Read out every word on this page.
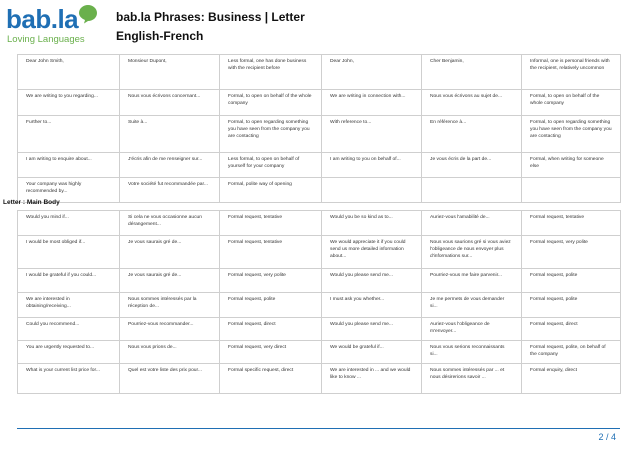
bab.la
Loving Languages
bab.la Phrases: Business | Letter
English-French
Dear John Smith,	Monsieur Dupont,	Less formal, one has done business with the recipient before	Dear John,	Cher Benjamin,	Informal, one is personal friends with the recipient, relatively uncommon
We are writing to you regarding...	Nous vous écrivons concernant...	Formal, to open on behalf of the whole company	We are writing in connection with...	Nous vous écrivons au sujet de...	Formal, to open on behalf of the whole company
Further to...	Suite à...	Formal, to open regarding something you have seen from the company you are contacting	With reference to...	En référence à...	Formal, to open regarding something you have seen from the company you are contacting
I am writing to enquire about...	J'écris afin de me renseigner sur...	Less formal, to open on behalf of yourself for your company	I am writing to you on behalf of...	Je vous écris de la part de...	Formal, when writing for someone else
Your company was highly recommended by...	Votre société fut recommandée par...	Formal, polite way of opening			
Letter : Main Body
Would you mind if...	Si cela ne vous occasionne aucun dérangement...	Formal request, tentative	Would you be so kind as to...	Auriez-vous l'amabilité de...	Formal request, tentative
I would be most obliged if...	Je vous saurais gré de...	Formal request, tentative	We would appreciate it if you could send us more detailed information about...	Nous vous saurions gré si vous aviez l'obligeance de nous envoyer plus d'informations sur...	Formal request, very polite
I would be grateful if you could...	Je vous saurais gré de...	Formal request, very polite	Would you please send me...	Pourriez-vous me faire parvenir...	Formal request, polite
We are interested in obtaining/receiving...	Nous sommes intéressés par la réception de...	Formal request, polite	I must ask you whether...	Je me permets de vous demander si...	Formal request, polite
Could you recommend...	Pourriez-vous recommander...	Formal request, direct	Would you please send me...	Auriez-vous l'obligeance de m'envoyer...	Formal request, direct
You are urgently requested to...	Nous vous prions de...	Formal request, very direct	We would be grateful if...	Nous vous serions reconnaissants si...	Formal request, polite, on behalf of the company
What is your current list price for...	Quel est votre liste des prix pour...	Formal specific request, direct	We are interested in ... and we would like to know ...	Nous sommes intéressés par ... et nous désirerions savoir ...	Formal enquiry, direct
2 / 4
